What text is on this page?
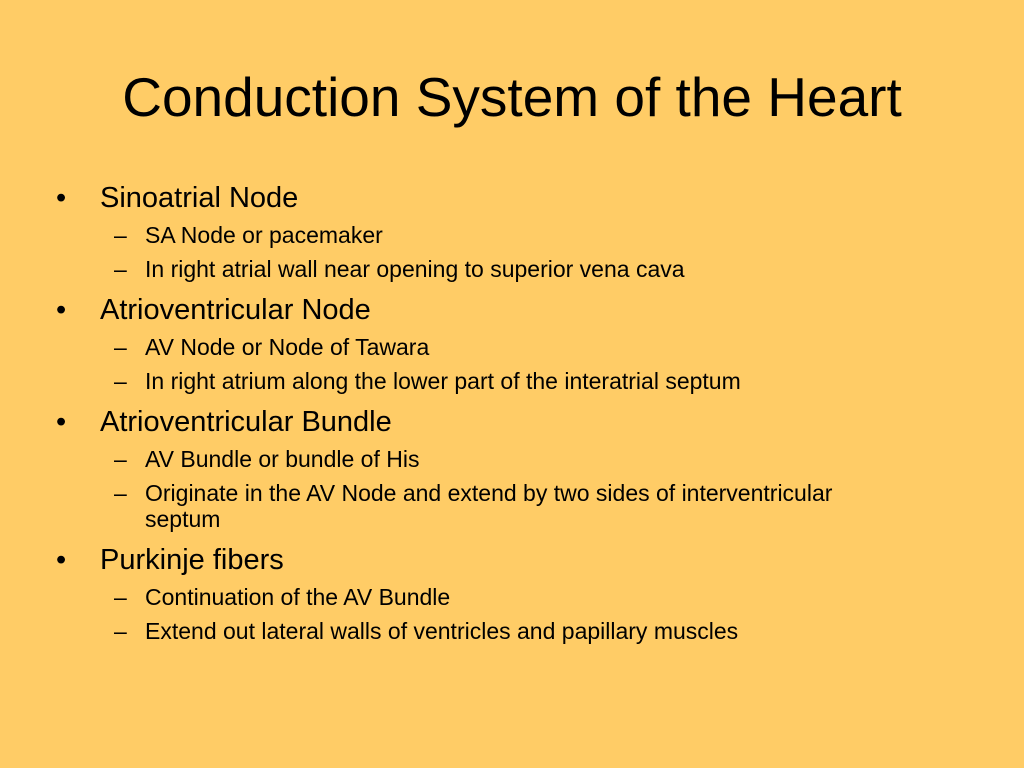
Conduction System of the Heart
•	Sinoatrial Node
– SA Node or pacemaker
– In right atrial wall near opening to superior vena cava
•	Atrioventricular Node
– AV Node or Node of Tawara
– In right atrium along the lower part of the interatrial septum
•	Atrioventricular Bundle
– AV Bundle or bundle of His
– Originate in the AV Node and extend by two sides of interventricular septum
•	Purkinje fibers
– Continuation of the AV Bundle
– Extend out lateral walls of ventricles and papillary muscles
